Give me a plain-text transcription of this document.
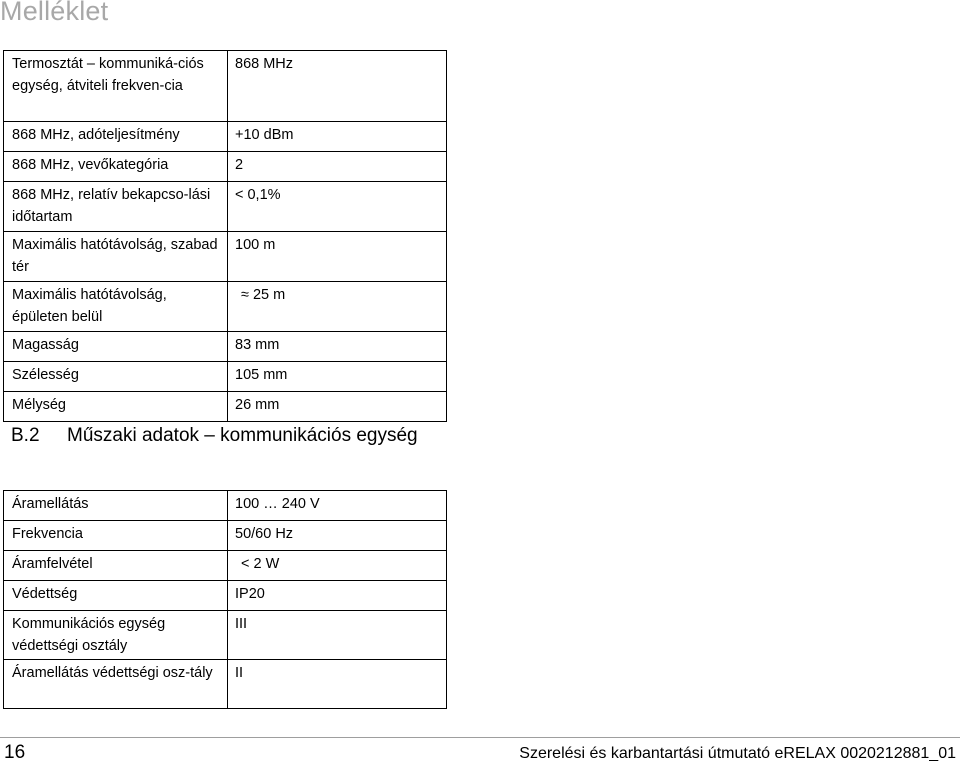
Melléklet
Termosztát – kommuniká-ciós egység, átviteli frekven-cia	868 MHz
868 MHz, adóteljesítmény	+10 dBm
868 MHz, vevőkategória	2
868 MHz, relatív bekapcso-lási időtartam	< 0,1%
Maximális hatótávolság, szabad tér	100 m
Maximális hatótávolság, épületen belül	≈ 25 m
Magasság	83 mm
Szélesség	105 mm
Mélység	26 mm
B.2 Műszaki adatok – kommunikációs egység
Áramellátás	100 … 240 V
Frekvencia	50/60 Hz
Áramfelvétel	< 2 W
Védettség	IP20
Kommunikációs egység védettségi osztály	III
Áramellátás védettségi osz-tály	II
16	Szerelési és karbantartási útmutató eRELAX 0020212881_01
